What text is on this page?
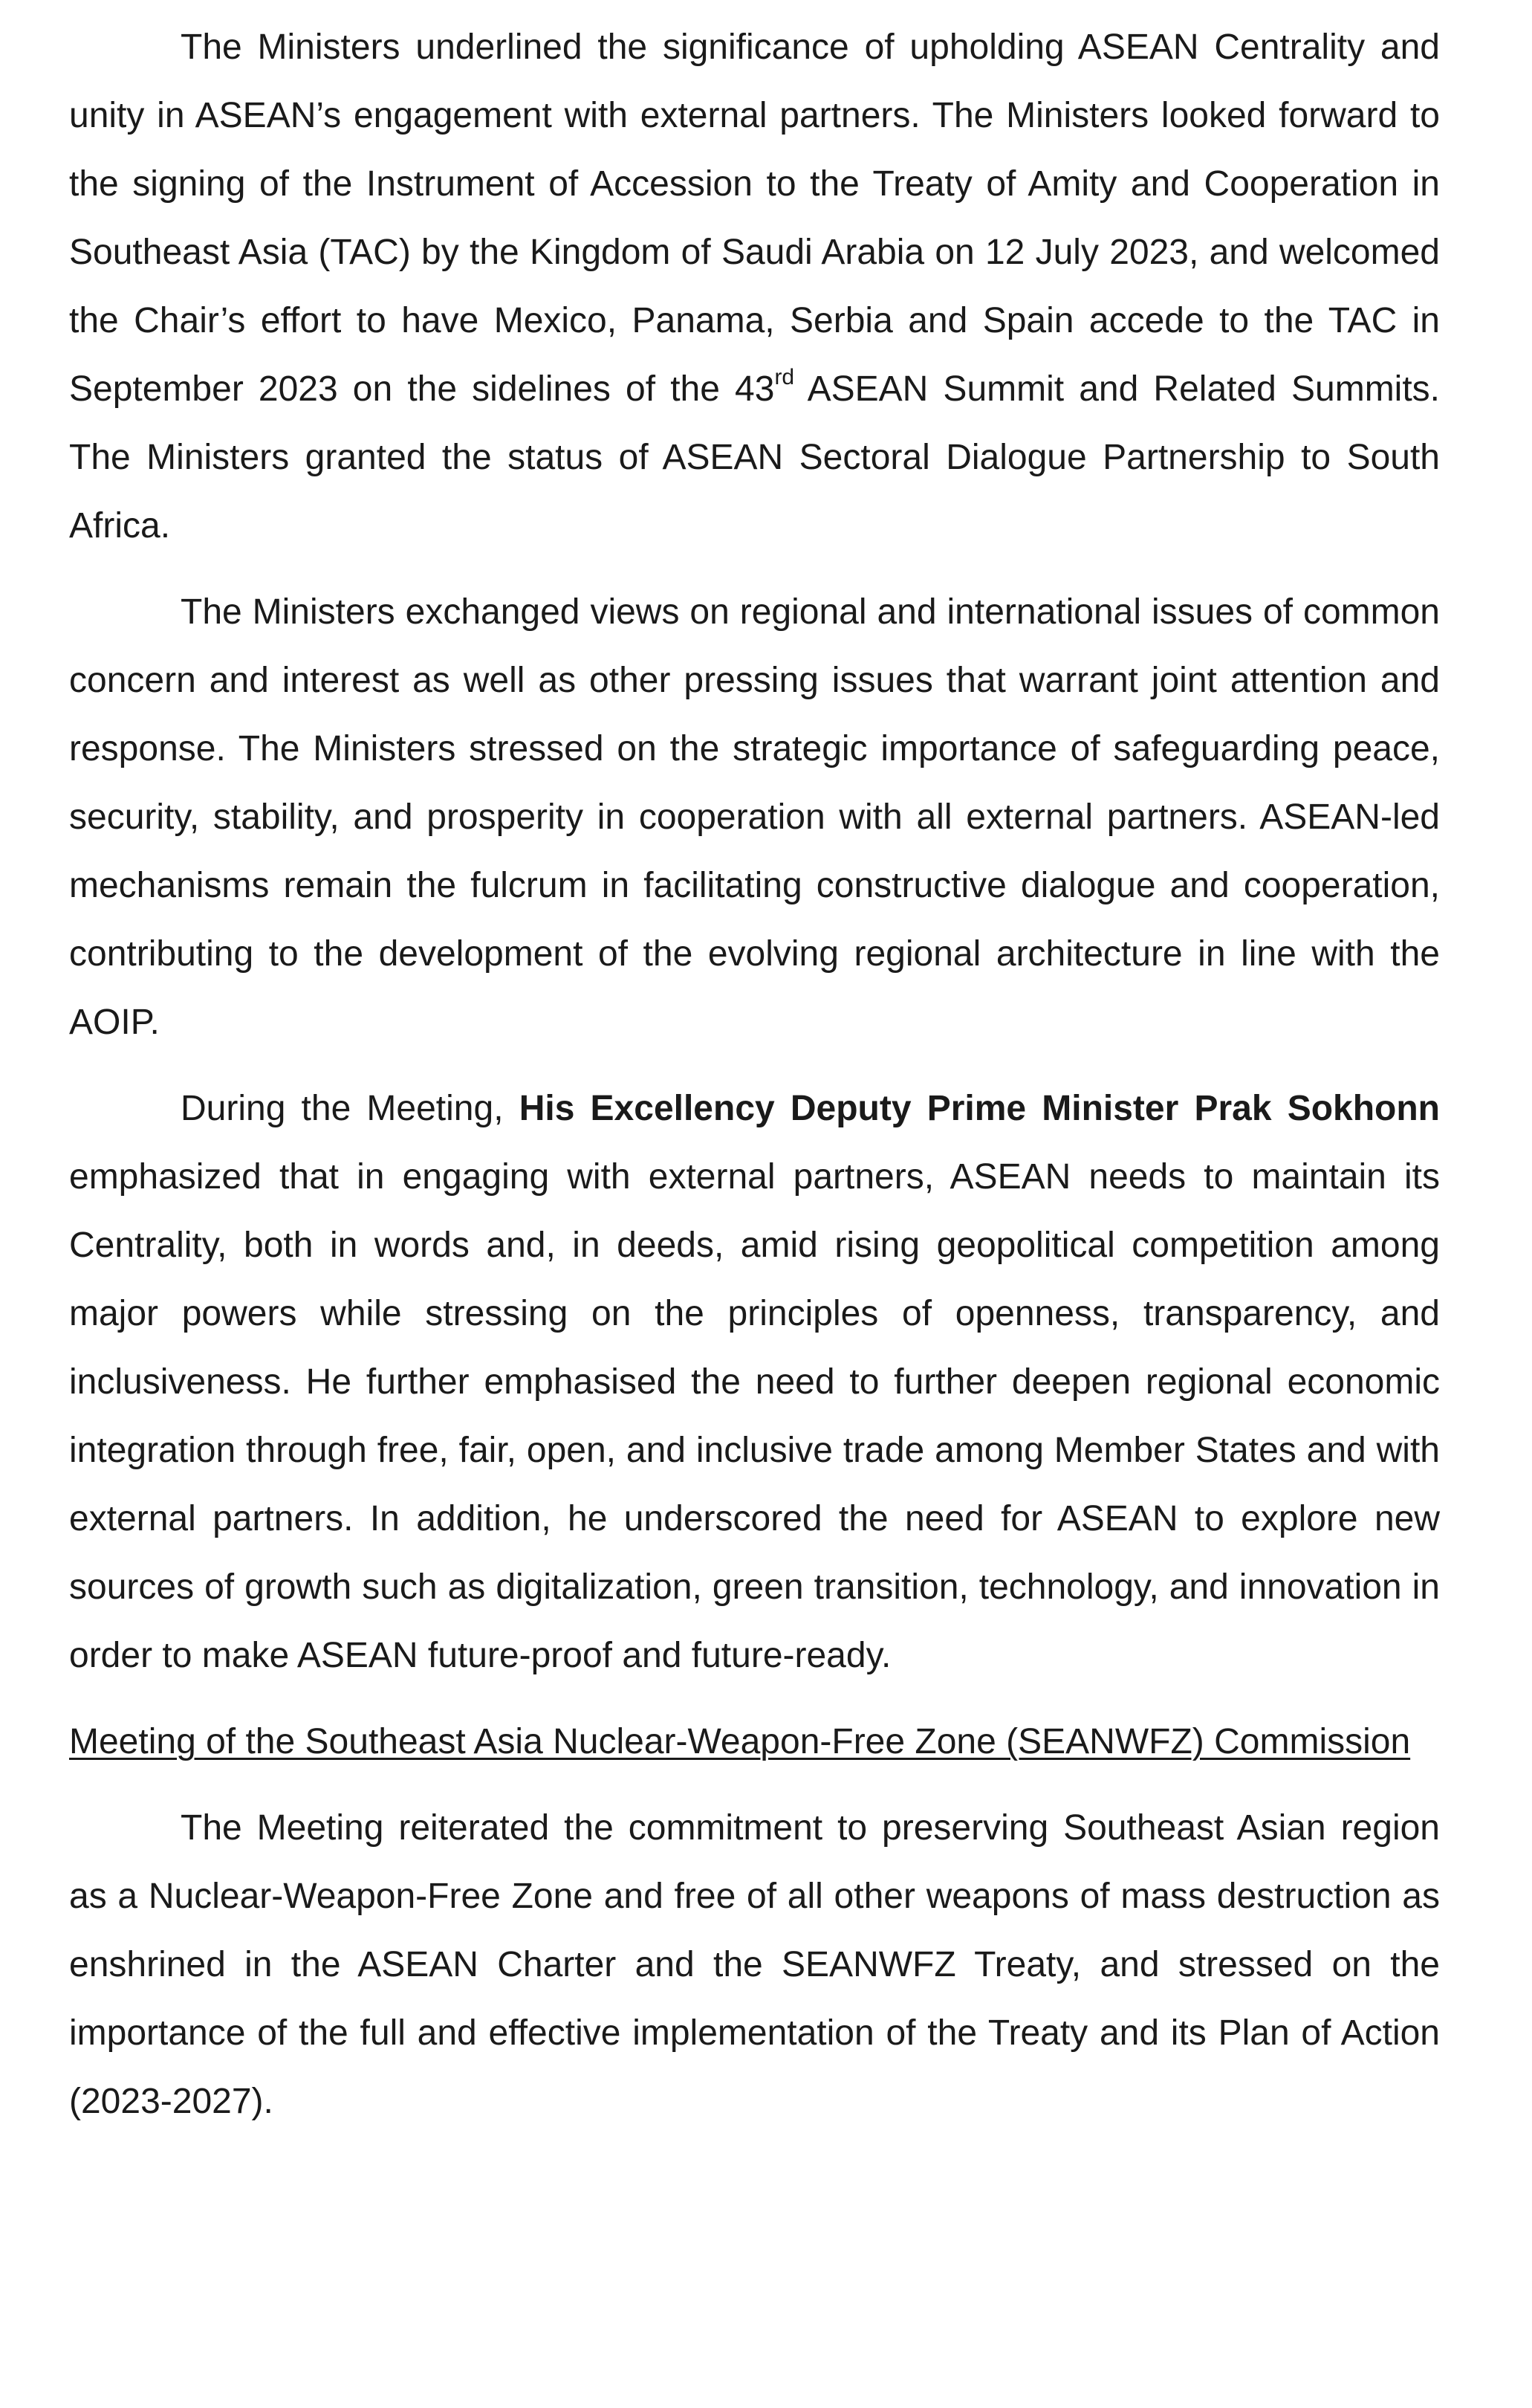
The Ministers underlined the significance of upholding ASEAN Centrality and unity in ASEAN’s engagement with external partners. The Ministers looked forward to the signing of the Instrument of Accession to the Treaty of Amity and Cooperation in Southeast Asia (TAC) by the Kingdom of Saudi Arabia on 12 July 2023, and welcomed the Chair’s effort to have Mexico, Panama, Serbia and Spain accede to the TAC in September 2023 on the sidelines of the 43rd ASEAN Summit and Related Summits. The Ministers granted the status of ASEAN Sectoral Dialogue Partnership to South Africa.

The Ministers exchanged views on regional and international issues of common concern and interest as well as other pressing issues that warrant joint attention and response. The Ministers stressed on the strategic importance of safeguarding peace, security, stability, and prosperity in cooperation with all external partners. ASEAN-led mechanisms remain the fulcrum in facilitating constructive dialogue and cooperation, contributing to the development of the evolving regional architecture in line with the AOIP.

During the Meeting, His Excellency Deputy Prime Minister Prak Sokhonn emphasized that in engaging with external partners, ASEAN needs to maintain its Centrality, both in words and, in deeds, amid rising geopolitical competition among major powers while stressing on the principles of openness, transparency, and inclusiveness. He further emphasised the need to further deepen regional economic integration through free, fair, open, and inclusive trade among Member States and with external partners. In addition, he underscored the need for ASEAN to explore new sources of growth such as digitalization, green transition, technology, and innovation in order to make ASEAN future-proof and future-ready.

Meeting of the Southeast Asia Nuclear-Weapon-Free Zone (SEANWFZ) Commission

The Meeting reiterated the commitment to preserving Southeast Asian region as a Nuclear-Weapon-Free Zone and free of all other weapons of mass destruction as enshrined in the ASEAN Charter and the SEANWFZ Treaty, and stressed on the importance of the full and effective implementation of the Treaty and its Plan of Action (2023-2027).
